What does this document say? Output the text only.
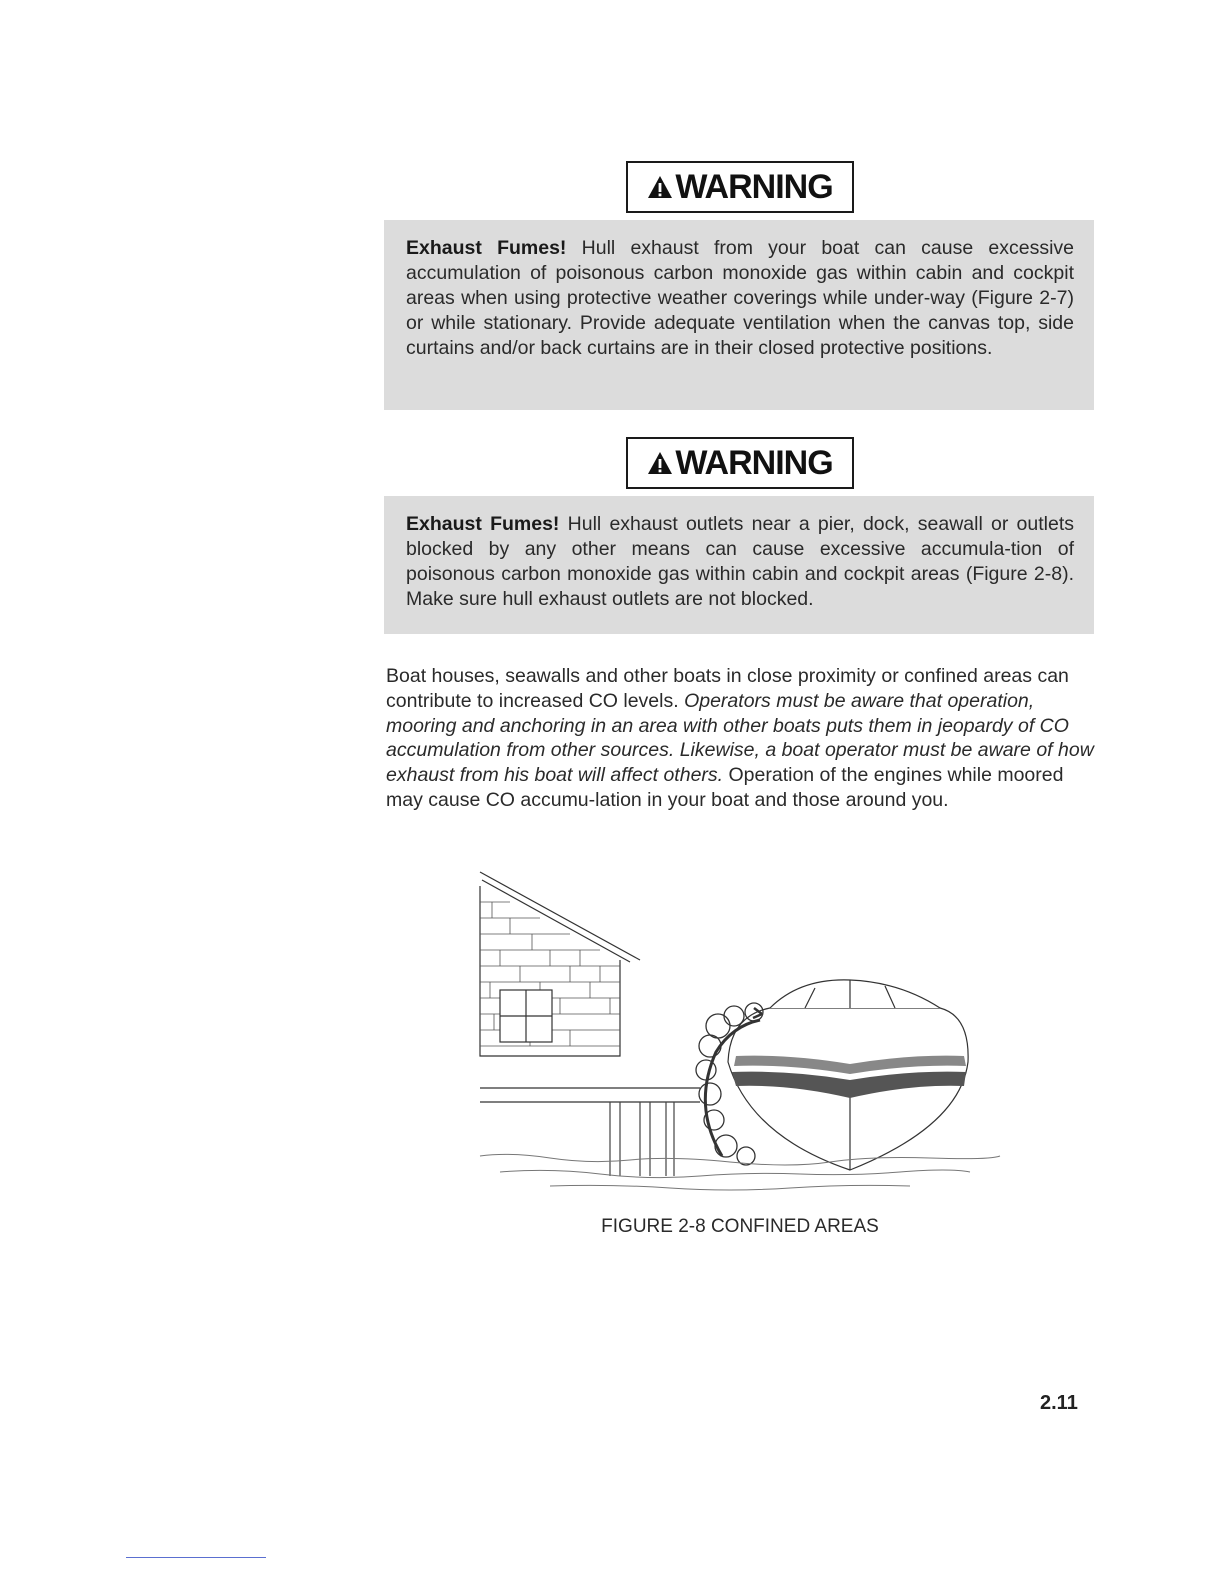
WARNING
Exhaust Fumes! Hull exhaust from your boat can cause excessive accumulation of poisonous carbon monoxide gas within cabin and cockpit areas when using protective weather coverings while under-way (Figure 2-7) or while stationary. Provide adequate ventilation when the canvas top, side curtains and/or back curtains are in their closed protective positions.
WARNING
Exhaust Fumes! Hull exhaust outlets near a pier, dock, seawall or outlets blocked by any other means can cause excessive accumula-tion of poisonous carbon monoxide gas within cabin and cockpit areas (Figure 2-8). Make sure hull exhaust outlets are not blocked.
Boat houses, seawalls and other boats in close proximity or confined areas can contribute to increased CO levels. Operators must be aware that operation, mooring and anchoring in an area with other boats puts them in jeopardy of CO accumulation from other sources. Likewise, a boat operator must be aware of how exhaust from his boat will affect others. Operation of the engines while moored may cause CO accumu-lation in your boat and those around you.
FIGURE 2-8 CONFINED AREAS
2.11
